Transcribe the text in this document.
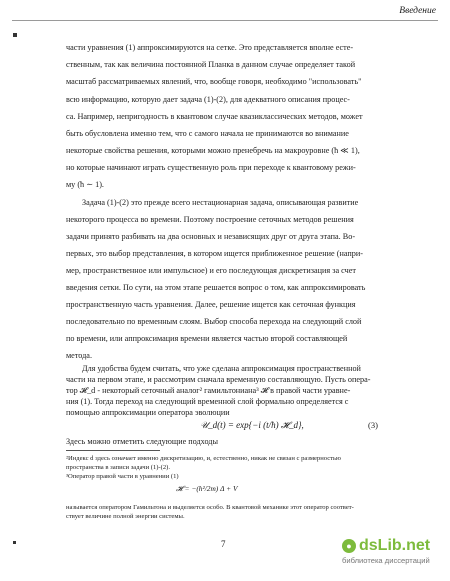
Введение
части уравнения (1) аппроксимируются на сетке. Это представляется вполне есте-
ственным, так как величина постоянной Планка в данном случае определяет такой
масштаб рассматриваемых явлений, что, вообще говоря, необходимо "использовать"
всю информацию, которую дает задача (1)-(2), для адекватного описания процес-
са. Например, непригодность в квантовом случае квазиклассических методов, может
быть обусловлена именно тем, что с самого начала не принимаются во внимание
некоторые свойства решения, которыми можно пренебречь на макроуровне (ħ ≪ 1),
но которые начинают играть существенную роль при переходе к квантовому режи-
му (ħ ∼ 1).
Задача (1)-(2) это прежде всего нестационарная задача, описывающая развитие
некоторого процесса во времени. Поэтому построение сеточных методов решения
задачи принято разбивать на два основных и независящих друг от друга этапа. Во-
первых, это выбор представления, в котором ищется приближенное решение (напри-
мер, пространственное или импульсное) и его последующая дискретизация за счет
введения сетки. По сути, на этом этапе решается вопрос о том, как аппроксимировать
пространственную часть уравнения. Далее, решение ищется как сеточная функция
последовательно по временным слоям. Выбор способа перехода на следующий слой
по времени, или аппроксимация времени является частью второй составляющей
метода.
Для удобства будем считать, что уже сделана аппроксимация пространственной
части на первом этапе, и рассмотрим сначала временную составляющую. Пусть опера-
тор 𝓗_d - некоторый сеточный аналог² гамильтониана³ 𝓗 в правой части уравне-
ния (1). Тогда переход на следующий временной слой формально определяется с
помощью аппроксимации оператора эволюции
𝒰_d(t) = exp{−i (t/ħ) 𝓗_d},	(3)
Здесь можно отметить следующие подходы
²Индекс d здесь означает именно дискретизацию, и, естественно, никак не связан с размерностью
пространства в записи задачи (1)-(2).
³Оператор правой части в уравнении (1)
𝓗 = −(ħ²/2m) Δ + V
называется оператором Гамильтона и выделяется особо. В квантовой механике этот оператор соответ-
ствует величине полной энергии системы.
7	● dsLib.net
библиотека диссертаций
